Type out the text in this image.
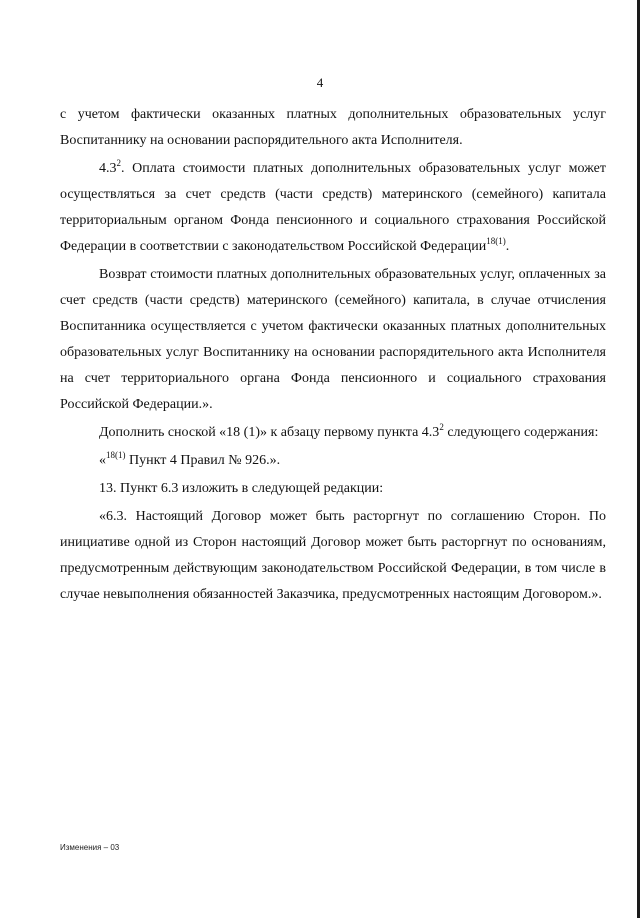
4

с учетом фактически оказанных платных дополнительных образовательных услуг Воспитаннику на основании распорядительного акта Исполнителя.

$4.3^2$. Оплата стоимости платных дополнительных образовательных услуг может осуществляться за счет средств (части средств) материнского (семейного) капитала территориальным органом Фонда пенсионного и социального страхования Российской Федерации в соответствии с законодательством Российской Федерации$^{18(1)}$.

Возврат стоимости платных дополнительных образовательных услуг, оплаченных за счет средств (части средств) материнского (семейного) капитала, в случае отчисления Воспитанника осуществляется с учетом фактически оказанных платных дополнительных образовательных услуг Воспитаннику на основании распорядительного акта Исполнителя на счет территориального органа Фонда пенсионного и социального страхования Российской Федерации.».

Дополнить сноской «18 (1)» к абзацу первому пункта $4.3^2$ следующего содержания:

«$^{18(1)}$ Пункт 4 Правил № 926.».

13. Пункт 6.3 изложить в следующей редакции:

«6.3. Настоящий Договор может быть расторгнут по соглашению Сторон. По инициативе одной из Сторон настоящий Договор может быть расторгнут по основаниям, предусмотренным действующим законодательством Российской Федерации, в том числе в случае невыполнения обязанностей Заказчика, предусмотренных настоящим Договором.».

Изменения – 03
